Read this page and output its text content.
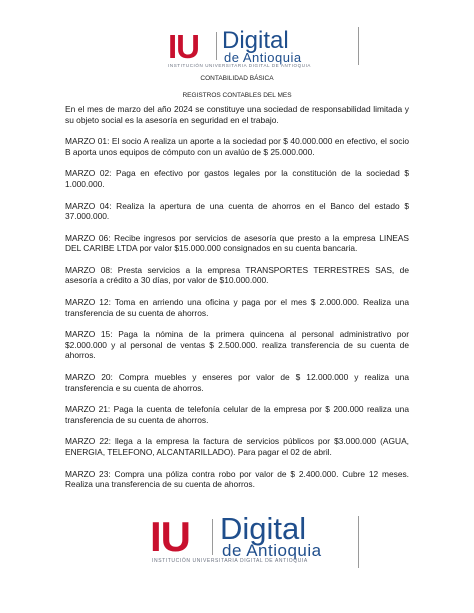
IU Digital
de Antioquia
INSTITUCIÓN UNIVERSITARIA DIGITAL DE ANTIOQUIA
CONTABILIDAD BÁSICA
REGISTROS CONTABLES DEL MES

En el mes de marzo del año 2024 se constituye una sociedad de responsabilidad limitada y su objeto social es la asesoría en seguridad en el trabajo.

MARZO 01: El socio A realiza un aporte a la sociedad por $ 40.000.000 en efectivo, el socio B aporta unos equipos de cómputo con un avalúo de $ 25.000.000.

MARZO 02: Paga en efectivo por gastos legales por la constitución de la sociedad $ 1.000.000.

MARZO 04: Realiza la apertura de una cuenta de ahorros en el Banco del estado $ 37.000.000.

MARZO 06: Recibe ingresos por servicios de asesoría que presto a la empresa LINEAS DEL CARIBE LTDA por valor $15.000.000 consignados en su cuenta bancaria.

MARZO 08: Presta servicios a la empresa TRANSPORTES TERRESTRES SAS, de asesoría a crédito a 30 días, por valor de $10.000.000.

MARZO 12: Toma en arriendo una oficina y paga por el mes $ 2.000.000. Realiza una transferencia de su cuenta de ahorros.

MARZO 15: Paga la nómina de la primera quincena al personal administrativo por $2.000.000 y al personal de ventas $ 2.500.000. realiza transferencia de su cuenta de ahorros.

MARZO 20: Compra muebles y enseres por valor de $ 12.000.000 y realiza una transferencia e su cuenta de ahorros.

MARZO 21: Paga la cuenta de telefonía celular de la empresa por $ 200.000 realiza una transferencia de su cuenta de ahorros.

MARZO 22: llega a la empresa la factura de servicios públicos por $3.000.000 (AGUA, ENERGIA, TELEFONO, ALCANTARILLADO). Para pagar el 02 de abril.

MARZO 23: Compra una póliza contra robo por valor de $ 2.400.000. Cubre 12 meses. Realiza una transferencia de su cuenta de ahorros.

IU Digital
de Antioquia
INSTITUCIÓN UNIVERSITARIA DIGITAL DE ANTIOQUIA
